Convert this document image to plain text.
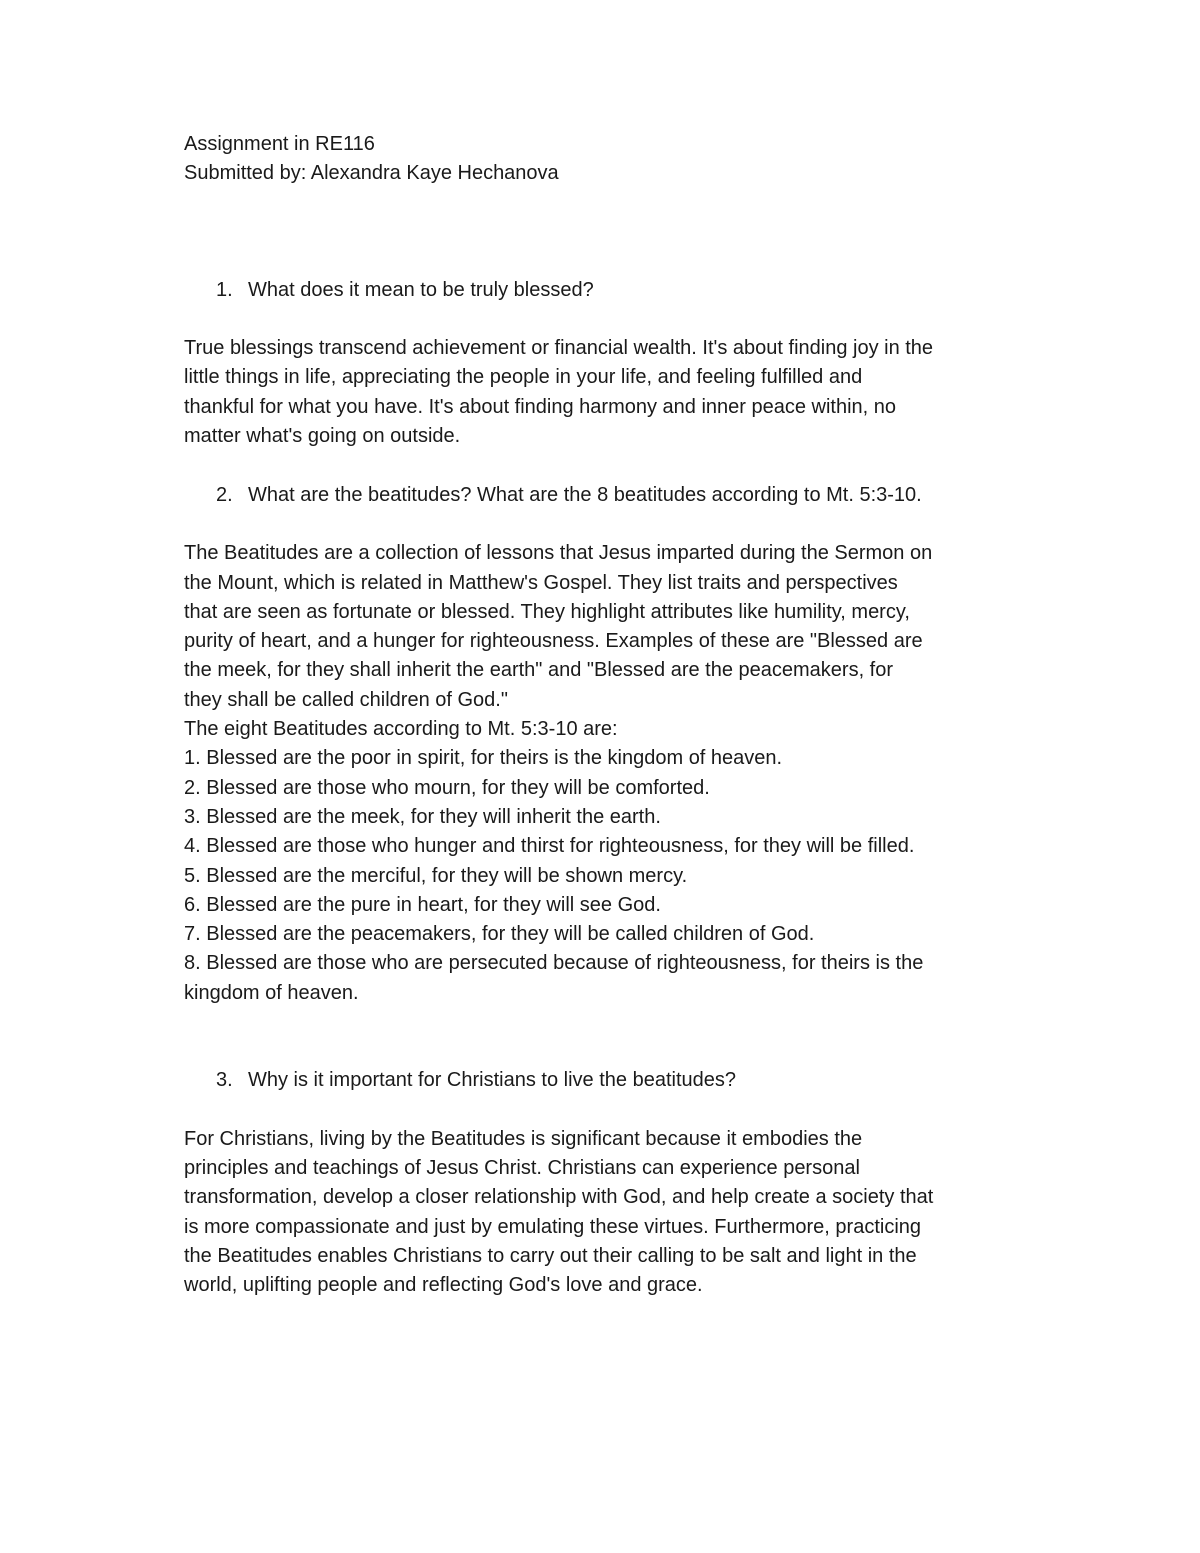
Assignment in RE116
Submitted by: Alexandra Kaye Hechanova
1. What does it mean to be truly blessed?
True blessings transcend achievement or financial wealth. It's about finding joy in the
little things in life, appreciating the people in your life, and feeling fulfilled and
thankful for what you have. It's about finding harmony and inner peace within, no
matter what's going on outside.
2. What are the beatitudes? What are the 8 beatitudes according to Mt. 5:3-10.
The Beatitudes are a collection of lessons that Jesus imparted during the Sermon on
the Mount, which is related in Matthew's Gospel. They list traits and perspectives
that are seen as fortunate or blessed. They highlight attributes like humility, mercy,
purity of heart, and a hunger for righteousness. Examples of these are "Blessed are
the meek, for they shall inherit the earth" and "Blessed are the peacemakers, for
they shall be called children of God."
The eight Beatitudes according to Mt. 5:3-10 are:
1. Blessed are the poor in spirit, for theirs is the kingdom of heaven.
2. Blessed are those who mourn, for they will be comforted.
3. Blessed are the meek, for they will inherit the earth.
4. Blessed are those who hunger and thirst for righteousness, for they will be filled.
5. Blessed are the merciful, for they will be shown mercy.
6. Blessed are the pure in heart, for they will see God.
7. Blessed are the peacemakers, for they will be called children of God.
8. Blessed are those who are persecuted because of righteousness, for theirs is the
kingdom of heaven.
3. Why is it important for Christians to live the beatitudes?
For Christians, living by the Beatitudes is significant because it embodies the
principles and teachings of Jesus Christ. Christians can experience personal
transformation, develop a closer relationship with God, and help create a society that
is more compassionate and just by emulating these virtues. Furthermore, practicing
the Beatitudes enables Christians to carry out their calling to be salt and light in the
world, uplifting people and reflecting God's love and grace.
